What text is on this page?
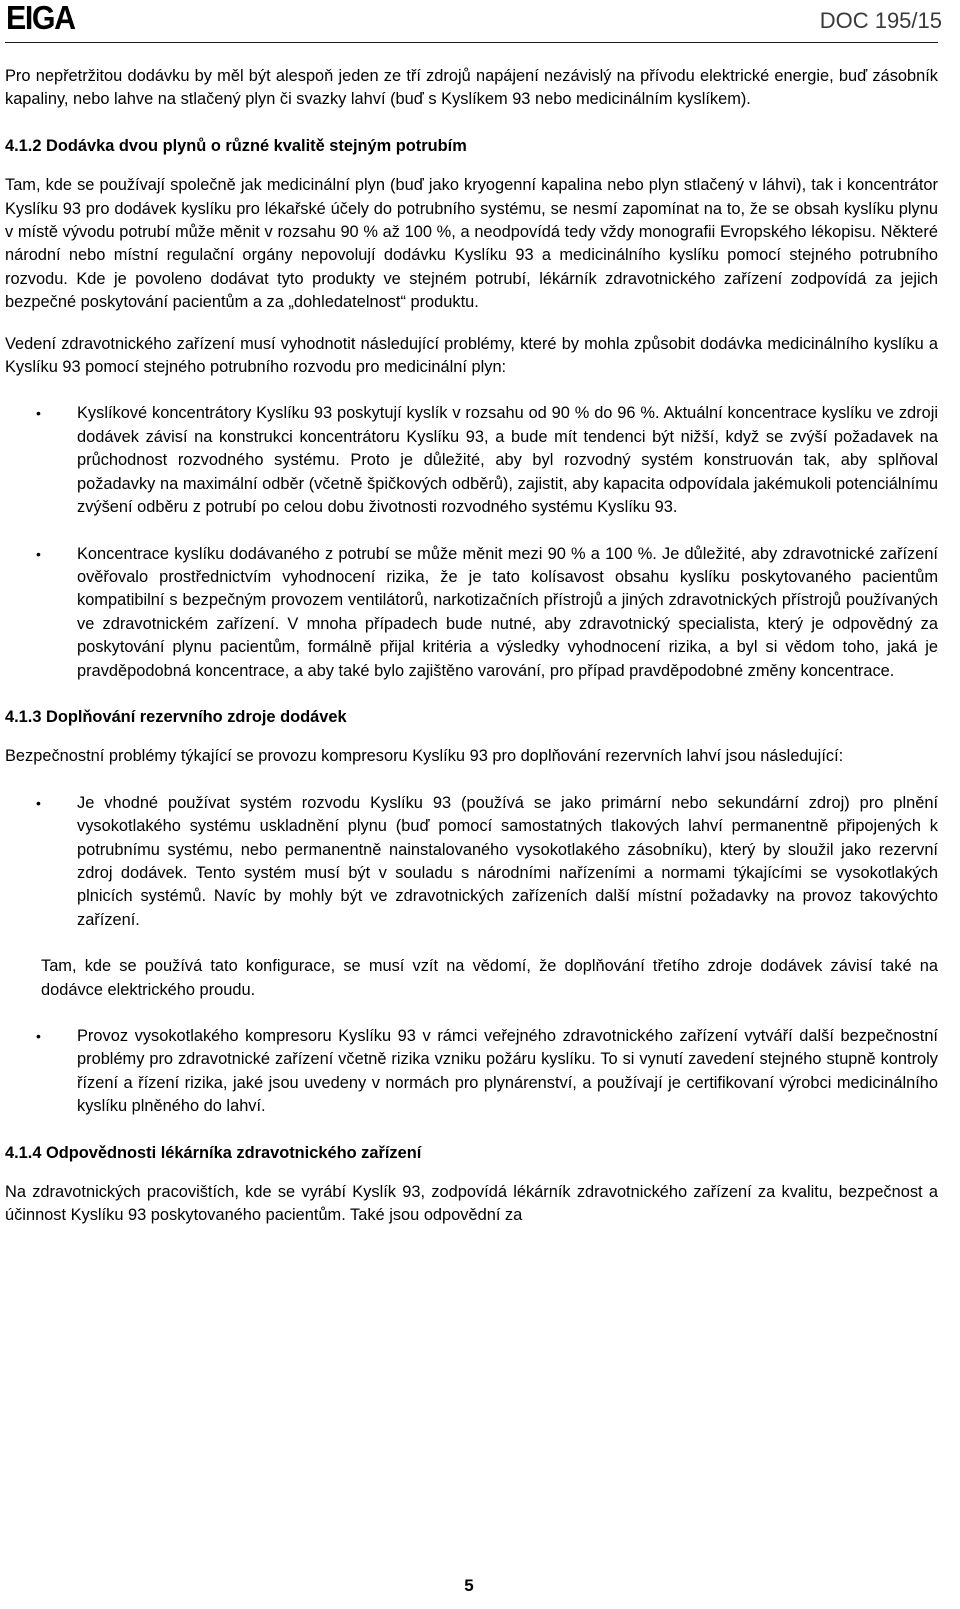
EIGA	DOC 195/15

Pro nepřetržitou dodávku by měl být alespoň jeden ze tří zdrojů napájení nezávislý na přívodu elektrické energie, buď zásobník kapaliny, nebo lahve na stlačený plyn či svazky lahví (buď s Kyslíkem 93 nebo medicinálním kyslíkem).

4.1.2 Dodávka dvou plynů o různé kvalitě stejným potrubím

Tam, kde se používají společně jak medicinální plyn (buď jako kryogenní kapalina nebo plyn stlačený v láhvi), tak i koncentrátor Kyslíku 93 pro dodávek kyslíku pro lékařské účely do potrubního systému, se nesmí zapomínat na to, že se obsah kyslíku plynu v místě vývodu potrubí může měnit v rozsahu 90 % až 100 %, a neodpovídá tedy vždy monografii Evropského lékopisu. Některé národní nebo místní regulační orgány nepovolují dodávku Kyslíku 93 a medicinálního kyslíku pomocí stejného potrubního rozvodu. Kde je povoleno dodávat tyto produkty ve stejném potrubí, lékárník zdravotnického zařízení zodpovídá za jejich bezpečné poskytování pacientům a za „dohledatelnost“ produktu.

Vedení zdravotnického zařízení musí vyhodnotit následující problémy, které by mohla způsobit dodávka medicinálního kyslíku a Kyslíku 93 pomocí stejného potrubního rozvodu pro medicinální plyn:

• Kyslíkové koncentrátory Kyslíku 93 poskytují kyslík v rozsahu od 90 % do 96 %. Aktuální koncentrace kyslíku ve zdroji dodávek závisí na konstrukci koncentrátoru Kyslíku 93, a bude mít tendenci být nižší, když se zvýší požadavek na průchodnost rozvodného systému. Proto je důležité, aby byl rozvodný systém konstruován tak, aby splňoval požadavky na maximální odběr (včetně špičkových odběrů), zajistit, aby kapacita odpovídala jakémukoli potenciálnímu zvýšení odběru z potrubí po celou dobu životnosti rozvodného systému Kyslíku 93.
• Koncentrace kyslíku dodávaného z potrubí se může měnit mezi 90 % a 100 %. Je důležité, aby zdravotnické zařízení ověřovalo prostřednictvím vyhodnocení rizika, že je tato kolísavost obsahu kyslíku poskytovaného pacientům kompatibilní s bezpečným provozem ventilátorů, narkotizačních přístrojů a jiných zdravotnických přístrojů používaných ve zdravotnickém zařízení. V mnoha případech bude nutné, aby zdravotnický specialista, který je odpovědný za poskytování plynu pacientům, formálně přijal kritéria a výsledky vyhodnocení rizika, a byl si vědom toho, jaká je pravděpodobná koncentrace, a aby také bylo zajištěno varování, pro případ pravděpodobné změny koncentrace.
4.1.3 Doplňování rezervního zdroje dodávek

Bezpečnostní problémy týkající se provozu kompresoru Kyslíku 93 pro doplňování rezervních lahví jsou následující:

• Je vhodné používat systém rozvodu Kyslíku 93 (používá se jako primární nebo sekundární zdroj) pro plnění vysokotlakého systému uskladnění plynu (buď pomocí samostatných tlakových lahví permanentně připojených k potrubnímu systému, nebo permanentně nainstalovaného vysokotlakého zásobníku), který by sloužil jako rezervní zdroj dodávek. Tento systém musí být v souladu s národními nařízeními a normami týkajícími se vysokotlakých plnicích systémů. Navíc by mohly být ve zdravotnických zařízeních další místní požadavky na provoz takovýchto zařízení.

Tam, kde se používá tato konfigurace, se musí vzít na vědomí, že doplňování třetího zdroje dodávek závisí také na dodávce elektrického proudu.

• Provoz vysokotlakého kompresoru Kyslíku 93 v rámci veřejného zdravotnického zařízení vytváří další bezpečnostní problémy pro zdravotnické zařízení včetně rizika vzniku požáru kyslíku. To si vynutí zavedení stejného stupně kontroly řízení a řízení rizika, jaké jsou uvedeny v normách pro plynárenství, a používají je certifikovaní výrobci medicinálního kyslíku plněného do lahví.
4.1.4 Odpovědnosti lékárníka zdravotnického zařízení

Na zdravotnických pracovištích, kde se vyrábí Kyslík 93, zodpovídá lékárník zdravotnického zařízení za kvalitu, bezpečnost a účinnost Kyslíku 93 poskytovaného pacientům. Také jsou odpovědní za

5
